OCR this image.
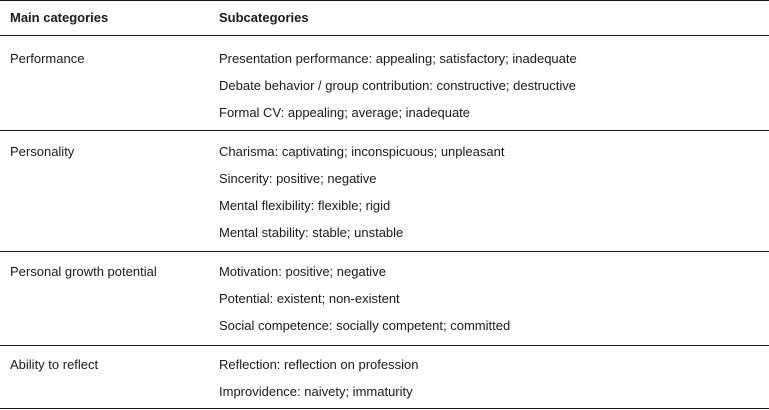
Main categories	Subcategories
Performance	Presentation performance: appealing; satisfactory; inadequate
Debate behavior / group contribution: constructive; destructive
Formal CV: appealing; average; inadequate
Personality	Charisma: captivating; inconspicuous; unpleasant
Sincerity: positive; negative
Mental flexibility: flexible; rigid
Mental stability: stable; unstable
Personal growth potential	Motivation: positive; negative
Potential: existent; non-existent
Social competence: socially competent; committed
Ability to reflect	Reflection: reflection on profession
Improvidence: naivety; immaturity
